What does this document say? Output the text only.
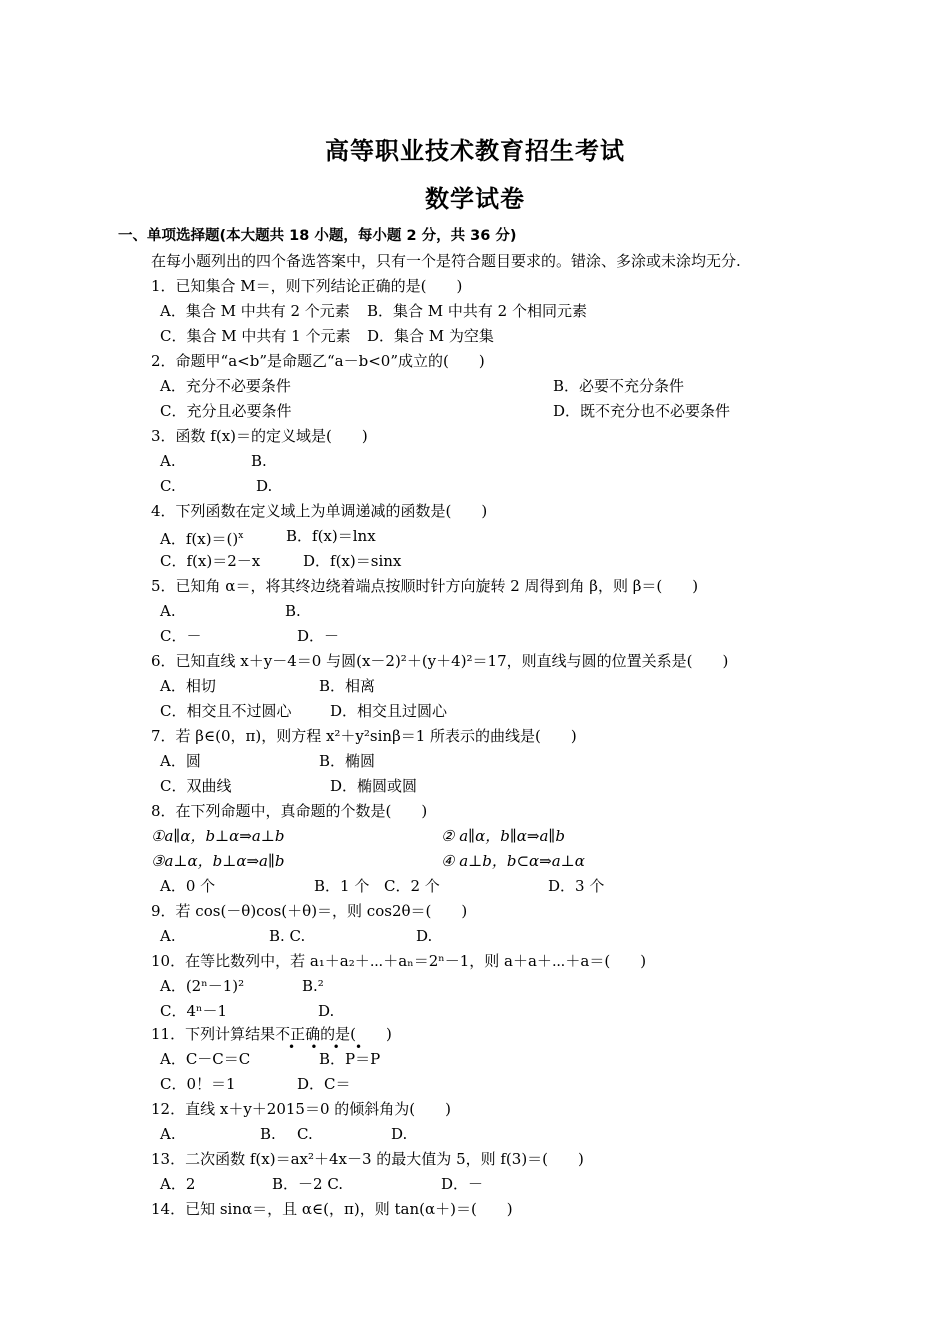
高等职业技术教育招生考试
数学试卷
一、单项选择题(本大题共 18 小题，每小题 2 分，共 36 分)
在每小题列出的四个备选答案中，只有一个是符合题目要求的。错涂、多涂或未涂均无分.
1．已知集合 M＝，则下列结论正确的是(　　)
A．集合 M 中共有 2 个元素 B．集合 M 中共有 2 个相同元素
C．集合 M 中共有 1 个元素 D．集合 M 为空集
2．命题甲“a<b”是命题乙“a－b<0”成立的(　　)
A．充分不必要条件	B．必要不充分条件
C．充分且必要条件	D．既不充分也不必要条件
3．函数 f(x)＝的定义域是(　　)
A.	B.
C.	D.
4．下列函数在定义域上为单调递减的函数是(　　)
A．f(x)＝()$^x$	B．f(x)＝lnx
C．f(x)＝2－x	D．f(x)＝sinx
5．已知角 α＝，将其终边绕着端点按顺时针方向旋转 2 周得到角 β，则 β＝(　　)
A.	B.
C．－	D．－
6．已知直线 x＋y－4＝0 与圆(x－2)²＋(y＋4)²＝17，则直线与圆的位置关系是(　　)
A．相切	B．相离
C．相交且不过圆心	D．相交且过圆心
7．若 β∈(0，π)，则方程 x²＋y²sinβ＝1 所表示的曲线是(　　)
A．圆	B．椭圆
C．双曲线	D．椭圆或圆
8．在下列命题中，真命题的个数是(　　)
①a∥α，b⊥α⇒a⊥b	② a∥α，b∥α⇒a∥b
③a⊥α，b⊥α⇒a∥b	④ a⊥b，b⊂α⇒a⊥α
A．0 个	B．1 个 C．2 个	D．3 个
9．若 cos(－θ)cos(＋θ)＝，则 cos2θ＝(　　)
A.	B. C.	D.
10．在等比数列中，若 a₁＋a₂＋⋯＋aₙ＝2ⁿ－1，则 a＋a＋⋯＋a＝(　　)
A．(2ⁿ－1)²	B.²
C．4ⁿ－1	D.
11．下列计算结果不正确的是(　　)
•    •    •    •
A．C－C＝C	B．P＝P
C．0！＝1	D．C＝
12．直线 x＋y＋2015＝0 的倾斜角为(　　)
A.	B. C.	D.
13．二次函数 f(x)＝ax²＋4x－3 的最大值为 5，则 f(3)＝(　　)
A．2	B．－2 C.	D．－
14．已知 sinα＝，且 α∈(，π)，则 tan(α＋)＝(　　)
